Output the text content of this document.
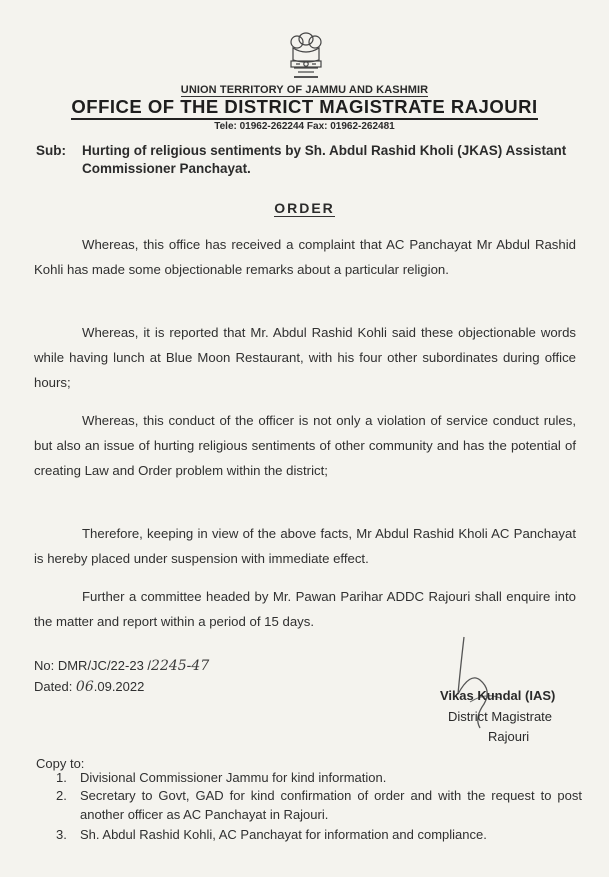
UNION TERRITORY OF JAMMU AND KASHMIR
OFFICE OF THE DISTRICT MAGISTRATE RAJOURI
Tele: 01962-262244 Fax: 01962-262481
Sub: Hurting of religious sentiments by Sh. Abdul Rashid Kholi (JKAS) Assistant Commissioner Panchayat.
ORDER
Whereas, this office has received a complaint that AC Panchayat Mr Abdul Rashid Kohli has made some objectionable remarks about a particular religion.
Whereas, it is reported that Mr. Abdul Rashid Kohli said these objectionable words while having lunch at Blue Moon Restaurant, with his four other subordinates during office hours;
Whereas, this conduct of the officer is not only a violation of service conduct rules, but also an issue of hurting religious sentiments of other community and has the potential of creating Law and Order problem within the district;
Therefore, keeping in view of the above facts, Mr Abdul Rashid Kholi AC Panchayat is hereby placed under suspension with immediate effect.
Further a committee headed by Mr. Pawan Parihar ADDC Rajouri shall enquire into the matter and report within a period of 15 days.
No: DMR/JC/22-23 /2245-47
Dated: 06.09.2022
Vikas Kundal (IAS)
District Magistrate
Rajouri
Copy to:
1. Divisional Commissioner Jammu for kind information.
2. Secretary to Govt, GAD for kind confirmation of order and with the request to post another officer as AC Panchayat in Rajouri.
3. Sh. Abdul Rashid Kohli, AC Panchayat for information and compliance.
